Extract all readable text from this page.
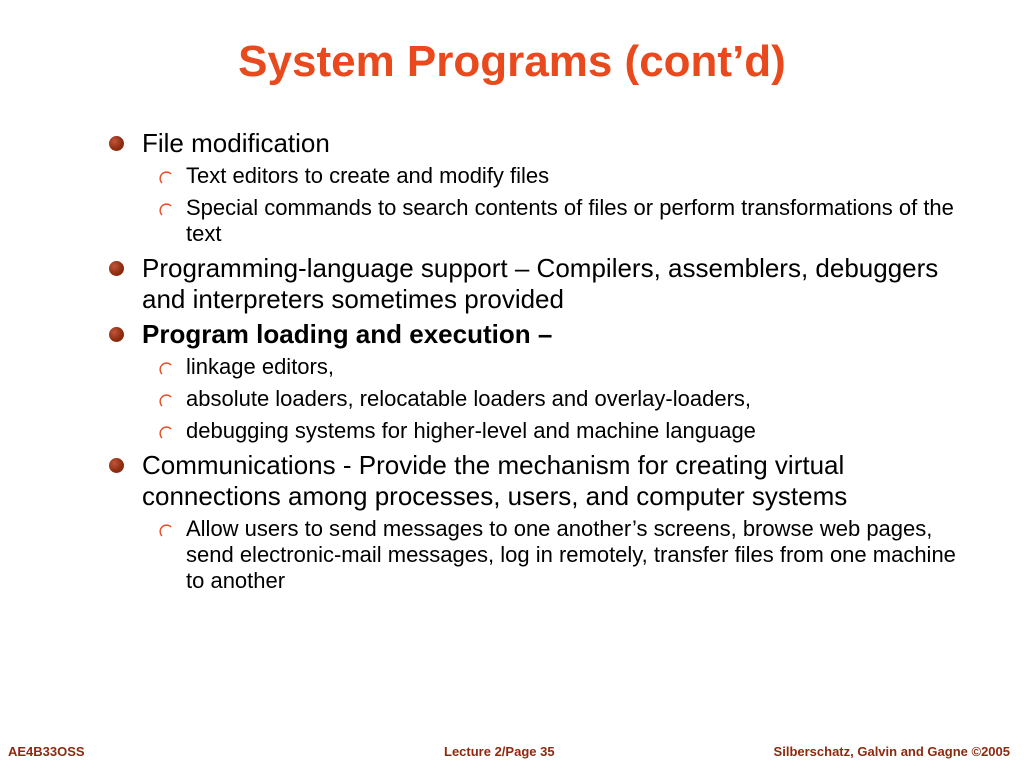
System Programs (cont’d)
File modification
Text editors to create and modify files
Special commands to search contents of files or perform transformations of the text
Programming-language support – Compilers, assemblers, debuggers and interpreters sometimes provided
Program loading and execution –
linkage editors,
absolute loaders, relocatable loaders and overlay-loaders,
debugging systems for higher-level and machine language
Communications - Provide the mechanism for creating virtual connections among processes, users, and computer systems
Allow users to send messages to one another’s screens, browse web pages, send electronic-mail messages, log in remotely, transfer files from one machine to another
AE4B33OSS	Lecture 2/Page 35	Silberschatz, Galvin and Gagne ©2005
